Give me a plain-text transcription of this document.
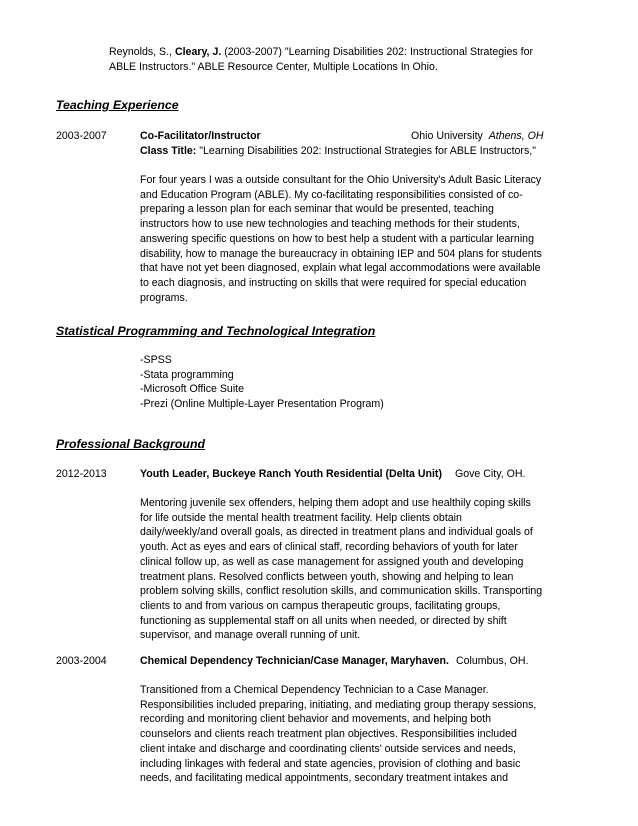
Reynolds, S., Cleary, J. (2003-2007) "Learning Disabilities 202: Instructional Strategies for
ABLE Instructors." ABLE Resource Center, Multiple Locations In Ohio.
Teaching Experience
2003-2007	Co-Facilitator/Instructor	Ohio University Athens, OH
Class Title: "Learning Disabilities 202: Instructional Strategies for ABLE Instructors,"
For four years I was a outside consultant for the Ohio University's Adult Basic Literacy
and Education Program (ABLE). My co-facilitating responsibilities consisted of co-
preparing a lesson plan for each seminar that would be presented, teaching
instructors how to use new technologies and teaching methods for their students,
answering specific questions on how to best help a student with a particular learning
disability, how to manage the bureaucracy in obtaining IEP and 504 plans for students
that have not yet been diagnosed, explain what legal accommodations were available
to each diagnosis, and instructing on skills that were required for special education
programs.
Statistical Programming and Technological Integration
-SPSS
-Stata programming
-Microsoft Office Suite
-Prezi (Online Multiple-Layer Presentation Program)
Professional Background
2012-2013	Youth Leader, Buckeye Ranch Youth Residential (Delta Unit) Gove City, OH.
Mentoring juvenile sex offenders, helping them adopt and use healthily coping skills
for life outside the mental health treatment facility. Help clients obtain
daily/weekly/and overall goals, as directed in treatment plans and individual goals of
youth. Act as eyes and ears of clinical staff, recording behaviors of youth for later
clinical follow up, as well as case management for assigned youth and developing
treatment plans. Resolved conflicts between youth, showing and helping to lean
problem solving skills, conflict resolution skills, and communication skills. Transporting
clients to and from various on campus therapeutic groups, facilitating groups,
functioning as supplemental staff on all units when needed, or directed by shift
supervisor, and manage overall running of unit.
2003-2004	Chemical Dependency Technician/Case Manager, Maryhaven. Columbus, OH.
Transitioned from a Chemical Dependency Technician to a Case Manager.
Responsibilities included preparing, initiating, and mediating group therapy sessions,
recording and monitoring client behavior and movements, and helping both
counselors and clients reach treatment plan objectives. Responsibilities included
client intake and discharge and coordinating clients' outside services and needs,
including linkages with federal and state agencies, provision of clothing and basic
needs, and facilitating medical appointments, secondary treatment intakes and
